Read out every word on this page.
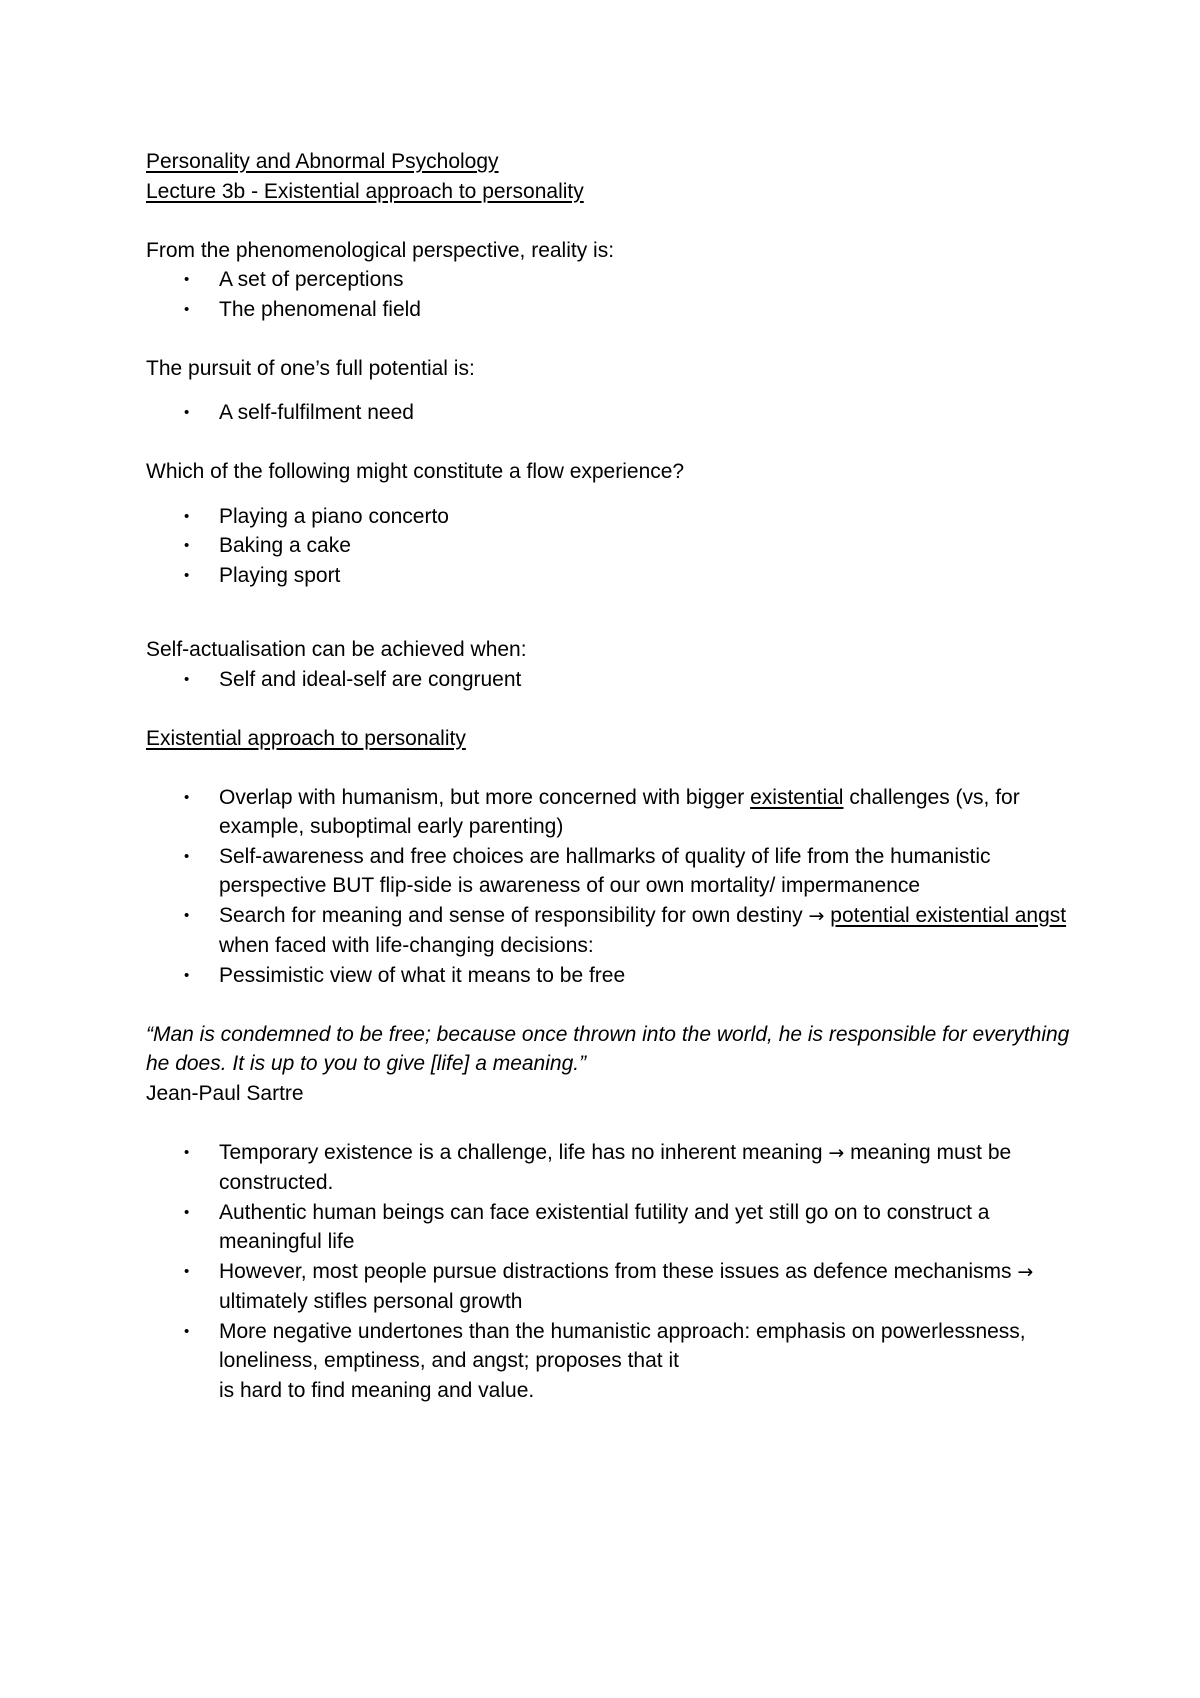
Personality and Abnormal Psychology
Lecture 3b - Existential approach to personality
From the phenomenological perspective, reality is:
• A set of perceptions
• The phenomenal field
The pursuit of one’s full potential is:
• A self-fulfilment need
Which of the following might constitute a flow experience?
• Playing a piano concerto
• Baking a cake
• Playing sport
Self-actualisation can be achieved when:
• Self and ideal-self are congruent
Existential approach to personality
• Overlap with humanism, but more concerned with bigger existential challenges (vs, for example, suboptimal early parenting)
• Self-awareness and free choices are hallmarks of quality of life from the humanistic perspective BUT flip-side is awareness of our own mortality/ impermanence
• Search for meaning and sense of responsibility for own destiny → potential existential angst when faced with life-changing decisions:
• Pessimistic view of what it means to be free
“Man is condemned to be free; because once thrown into the world, he is responsible for everything he does. It is up to you to give [life] a meaning.”
Jean-Paul Sartre
• Temporary existence is a challenge, life has no inherent meaning → meaning must be constructed.
• Authentic human beings can face existential futility and yet still go on to construct a meaningful life
• However, most people pursue distractions from these issues as defence mechanisms → ultimately stifles personal growth
• More negative undertones than the humanistic approach: emphasis on powerlessness, loneliness, emptiness, and angst; proposes that it
is hard to find meaning and value.
